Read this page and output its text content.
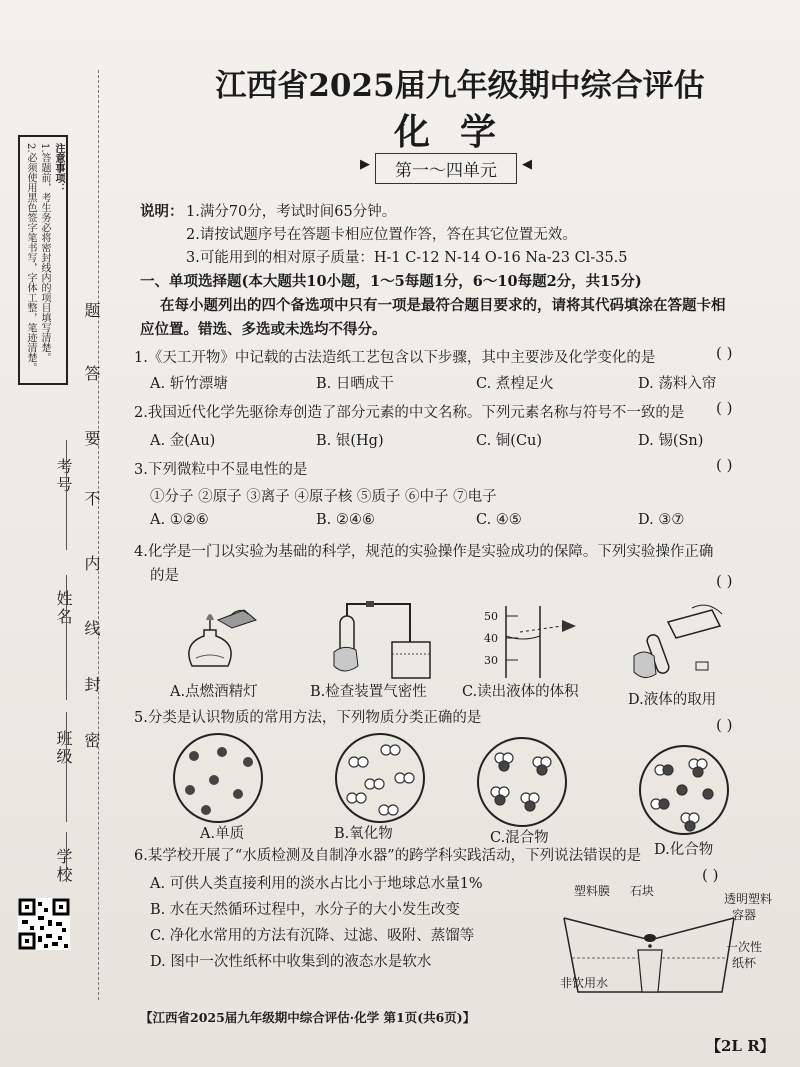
注意事项：
1.答题前，考生务必将密封线内的项目填写清楚。
2.必须使用黑色签字笔书写，字体工整，笔迹清楚。	题
答
要
不
内
线
封
密
考号
姓名
班级
学校
江西省2025届九年级期中综合评估
化学
▶ 第一～四单元 ◀
说明： 1.满分70分，考试时间65分钟。
2.请按试题序号在答题卡相应位置作答，答在其它位置无效。
3.可能用到的相对原子质量：H-1 C-12 N-14 O-16 Na-23 Cl-35.5
一、单项选择题(本大题共10小题，1～5每题1分，6～10每题2分，共15分)
在每小题列出的四个备选项中只有一项是最符合题目要求的，请将其代码填涂在答题卡相
应位置。错选、多选或未选均不得分。
1.《天工开物》中记载的古法造纸工艺包含以下步骤，其中主要涉及化学变化的是	( )
A. 斩竹漂塘	B. 日晒成干	C. 煮楻足火	D. 荡料入帘
2.我国近代化学先驱徐寿创造了部分元素的中文名称。下列元素名称与符号不一致的是 ( )
A. 金(Au)	B. 银(Hg)	C. 铜(Cu)	D. 锡(Sn)
3.下列微粒中不显电性的是	( )
①分子 ②原子 ③离子 ④原子核 ⑤质子 ⑥中子 ⑦电子
A. ①②⑥	B. ②④⑥	C. ④⑤	D. ③⑦
4.化学是一门以实验为基础的科学，规范的实验操作是实验成功的保障。下列实验操作正确
的是	( )
A.点燃酒精灯	B.检查装置气密性
50
40
30
C.读出液体的体积	D.液体的取用
5.分类是认识物质的常用方法，下列物质分类正确的是	( )
A.单质	B.氧化物	C.混合物
D.化合物
6.某学校开展了“水质检测及自制净水器”的跨学科实践活动，下列说法错误的是
( )
A. 可供人类直接利用的淡水占比小于地球总水量1%
B. 水在天然循环过程中，水分子的大小发生改变
C. 净化水常用的方法有沉降、过滤、吸附、蒸馏等
D. 图中一次性纸杯中收集到的液态水是软水
塑料膜 石块
透明塑料
容器
一次性
纸杯
非饮用水
【江西省2025届九年级期中综合评估·化学 第1页(共6页)】
【2L R】
